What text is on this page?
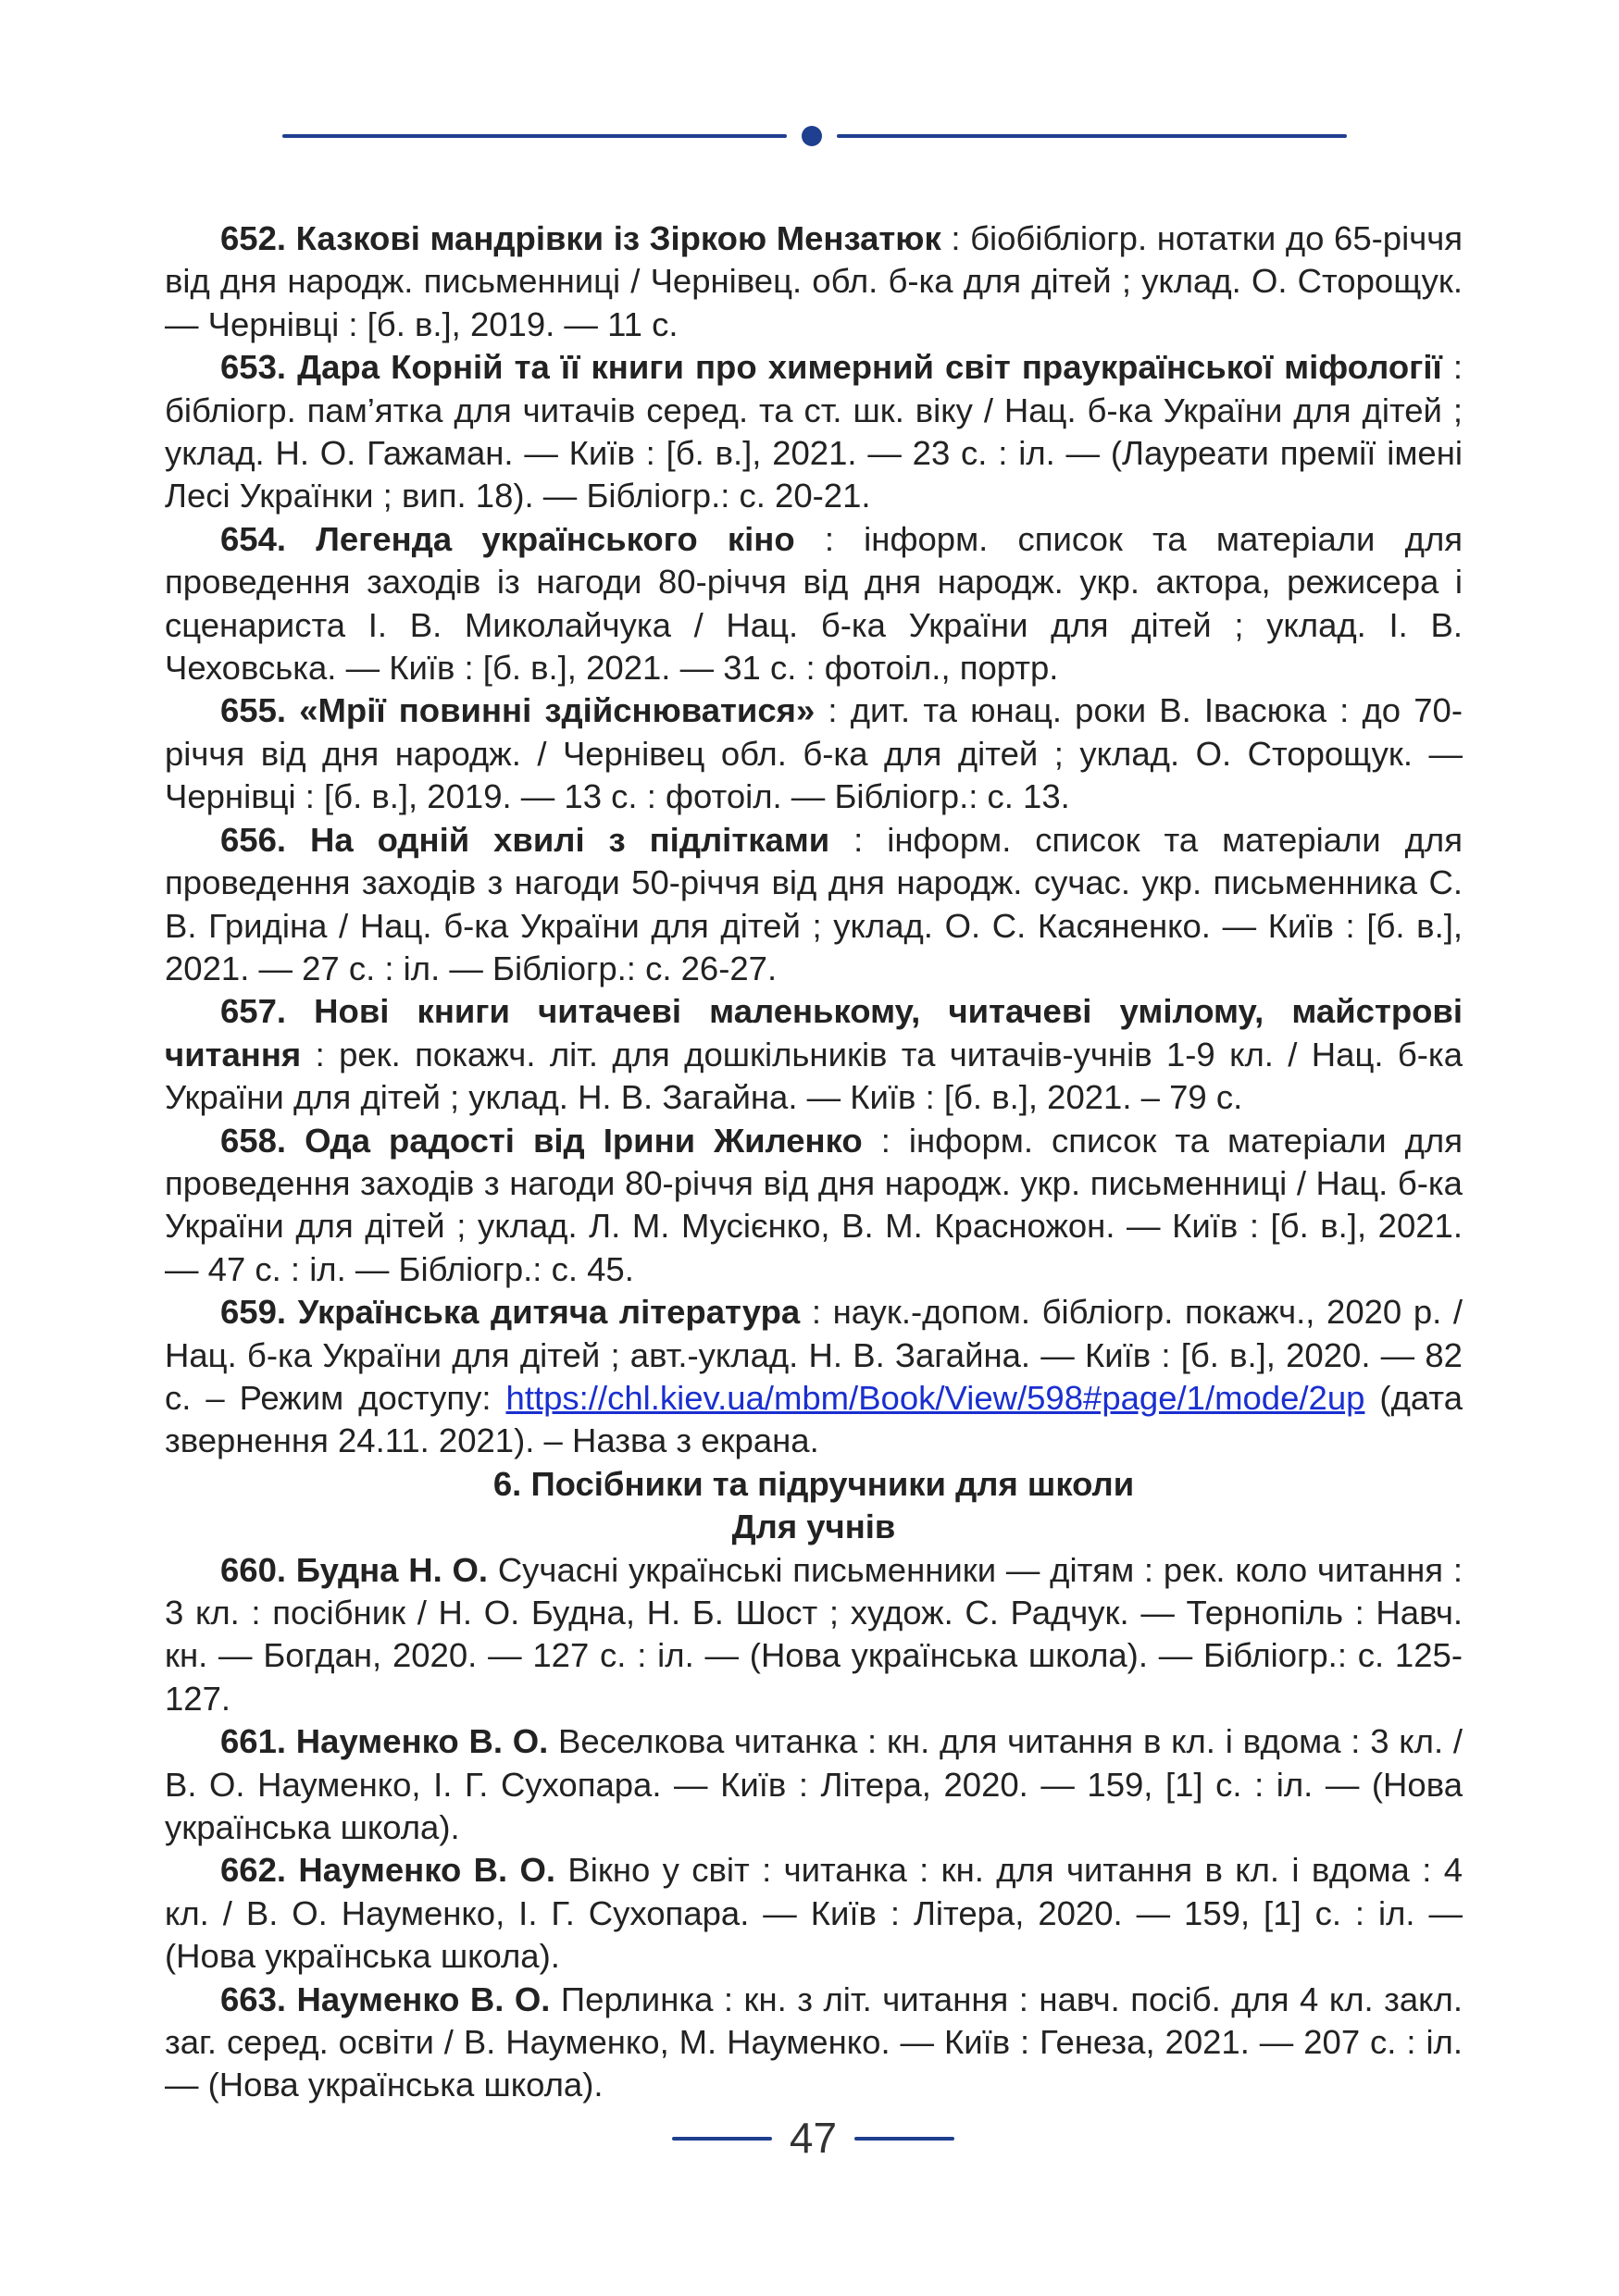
652. Казкові мандрівки із Зіркою Мензатюк : біобібліогр. нотатки до 65-річчя від дня народж. письменниці / Чернівец. обл. б-ка для дітей ; уклад. О. Сторощук. — Чернівці : [б. в.], 2019. — 11 с.

653. Дара Корній та її книги про химерний світ праукраїнської міфології : бібліогр. пам’ятка для читачів серед. та ст. шк. віку / Нац. б-ка України для дітей ; уклад. Н. О. Гажаман. — Київ : [б. в.], 2021. — 23 с. : іл. — (Лауреати премії імені Лесі Українки ; вип. 18). — Бібліогр.: с. 20-21.

654. Легенда українського кіно : інформ. список та матеріали для проведення заходів із нагоди 80-річчя від дня народж. укр. актора, режисера і сценариста І. В. Миколайчука / Нац. б-ка України для дітей ; уклад. І. В. Чеховська. — Київ : [б. в.], 2021. — 31 с. : фотоіл., портр.

655. «Мрії повинні здійснюватися» : дит. та юнац. роки В. Івасюка : до 70-річчя від дня народж. / Чернівец обл. б-ка для дітей ; уклад. О. Сторощук. — Чернівці : [б. в.], 2019. — 13 с. : фотоіл. — Бібліогр.: с. 13.

656. На одній хвилі з підлітками : інформ. список та матеріали для проведення заходів з нагоди 50-річчя від дня народж. сучас. укр. письменника С. В. Гридіна / Нац. б-ка України для дітей ; уклад. О. С. Касяненко. — Київ : [б. в.], 2021. — 27 с. : іл. — Бібліогр.: с. 26-27.

657. Нові книги читачеві маленькому, читачеві умілому, майстрові читання : рек. покажч. літ. для дошкільників та читачів-учнів 1-9 кл. / Нац. б-ка України для дітей ; уклад. Н. В. Загайна. — Київ : [б. в.], 2021. – 79 с.

658. Ода радості від Ірини Жиленко : інформ. список та матеріали для проведення заходів з нагоди 80-річчя від дня народж. укр. письменниці / Нац. б-ка України для дітей ; уклад. Л. М. Мусієнко, В. М. Красножон. — Київ : [б. в.], 2021. — 47 с. : іл. — Бібліогр.: с. 45.

659. Українська дитяча література : наук.-допом. бібліогр. покажч., 2020 р. / Нац. б-ка України для дітей ; авт.-уклад. Н. В. Загайна. — Київ : [б. в.], 2020. — 82 с. – Режим доступу: https://chl.kiev.ua/mbm/Book/View/598#page/1/mode/2up (дата звернення 24.11. 2021). – Назва з екрана.

6. Посібники та підручники для школи

Для учнів

660. Будна Н. О. Сучасні українські письменники — дітям : рек. коло читання : 3 кл. : посібник / Н. О. Будна, Н. Б. Шост ; худож. С. Радчук. — Тернопіль : Навч. кн. — Богдан, 2020. — 127 с. : іл. — (Нова українська школа). — Бібліогр.: с. 125-127.

661. Науменко В. О. Веселкова читанка : кн. для читання в кл. і вдома : 3 кл. / В. О. Науменко, І. Г. Сухопара. — Київ : Літера, 2020. — 159, [1] с. : іл. — (Нова українська школа).

662. Науменко В. О. Вікно у світ : читанка : кн. для читання в кл. і вдома : 4 кл. / В. О. Науменко, І. Г. Сухопара. — Київ : Літера, 2020. — 159, [1] с. : іл. — (Нова українська школа).

663. Науменко В. О. Перлинка : кн. з літ. читання : навч. посіб. для 4 кл. закл. заг. серед. освіти / В. Науменко, М. Науменко. — Київ : Генеза, 2021. — 207 с. : іл. — (Нова українська школа).

47
